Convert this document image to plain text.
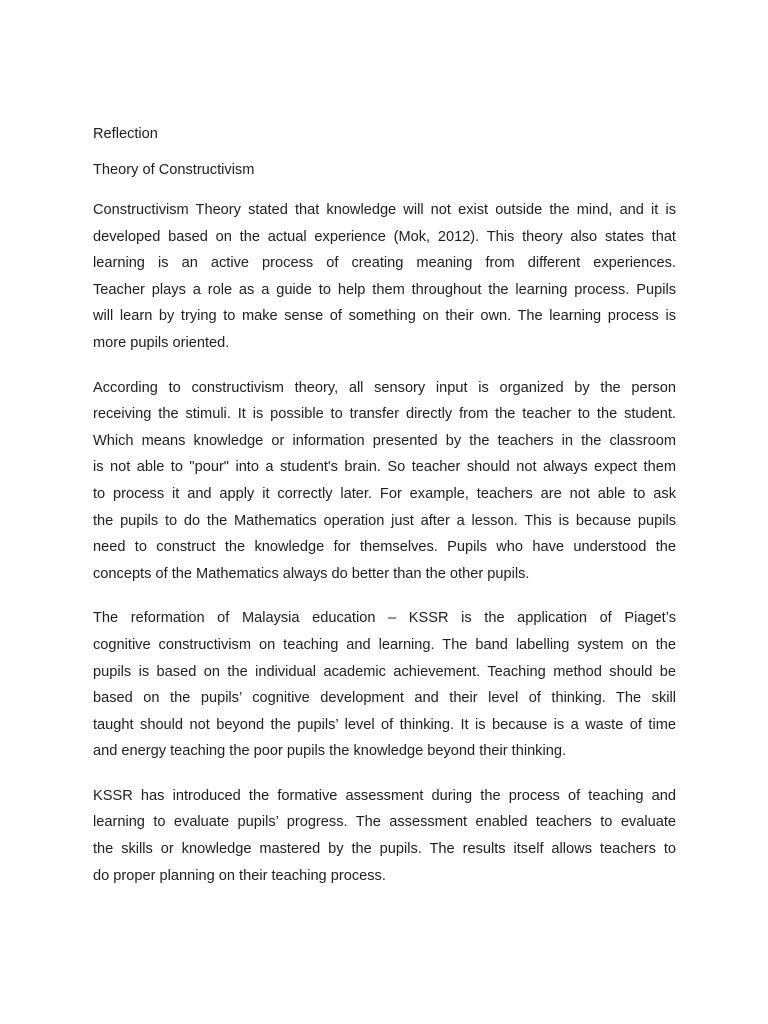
Reflection

Theory of Constructivism

Constructivism Theory stated that knowledge will not exist outside the mind, and it is
developed based on the actual experience (Mok, 2012). This theory also states that
learning is an active process of creating meaning from different experiences.
Teacher plays a role as a guide to help them throughout the learning process. Pupils
will learn by trying to make sense of something on their own. The learning process is
more pupils oriented.

According to constructivism theory, all sensory input is organized by the person
receiving the stimuli. It is possible to transfer directly from the teacher to the student.
Which means knowledge or information presented by the teachers in the classroom
is not able to "pour" into a student's brain. So teacher should not always expect them
to process it and apply it correctly later. For example, teachers are not able to ask
the pupils to do the Mathematics operation just after a lesson. This is because pupils
need to construct the knowledge for themselves. Pupils who have understood the
concepts of the Mathematics always do better than the other pupils.

The reformation of Malaysia education – KSSR is the application of Piaget’s
cognitive constructivism on teaching and learning. The band labelling system on the
pupils is based on the individual academic achievement. Teaching method should be
based on the pupils’ cognitive development and their level of thinking. The skill
taught should not beyond the pupils’ level of thinking. It is because is a waste of time
and energy teaching the poor pupils the knowledge beyond their thinking.

KSSR has introduced the formative assessment during the process of teaching and
learning to evaluate pupils’ progress. The assessment enabled teachers to evaluate
the skills or knowledge mastered by the pupils. The results itself allows teachers to
do proper planning on their teaching process.
